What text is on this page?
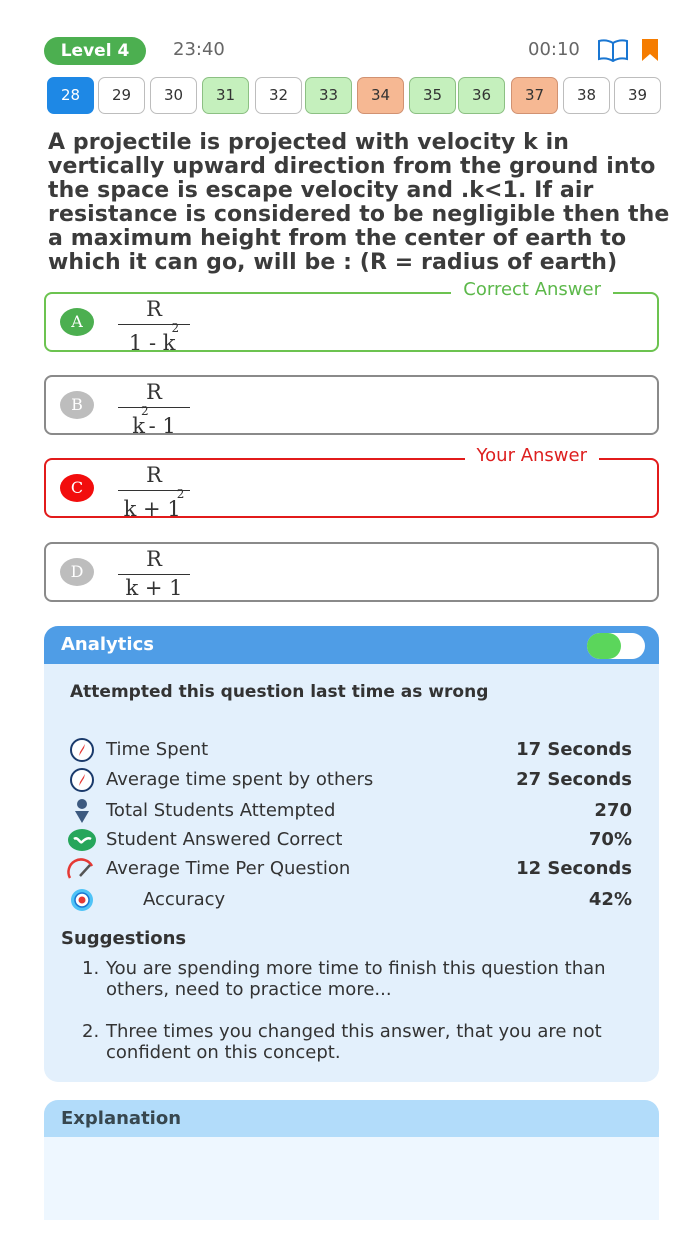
Level 4	23:40	00:10
28	29	30	31	32	33	34	35	36	37	38	39
A projectile is projected with velocity k in vertically upward direction from the ground into the space is escape velocity and .k<1. If air resistance is considered to be negligible then the a maximum height from the center of earth to which it can go, will be : (R = radius of earth)
A
R
$1 - k^2$
Correct Answer
B
R
$k^2-$ 1
C
R
$k + 1^2$
Your Answer
D
R
k + 1
Analytics
Attempted this question last time as wrong
Time Spent	17 Seconds
Average time spent by others	27 Seconds
Total Students Attempted	270
Student Answered Correct	70%
Average Time Per Question	12 Seconds
Accuracy	42%
Suggestions
1. You are spending more time to finish this question than others, need to practice more...
2. Three times you changed this answer, that you are not confident on this concept.
Explanation
